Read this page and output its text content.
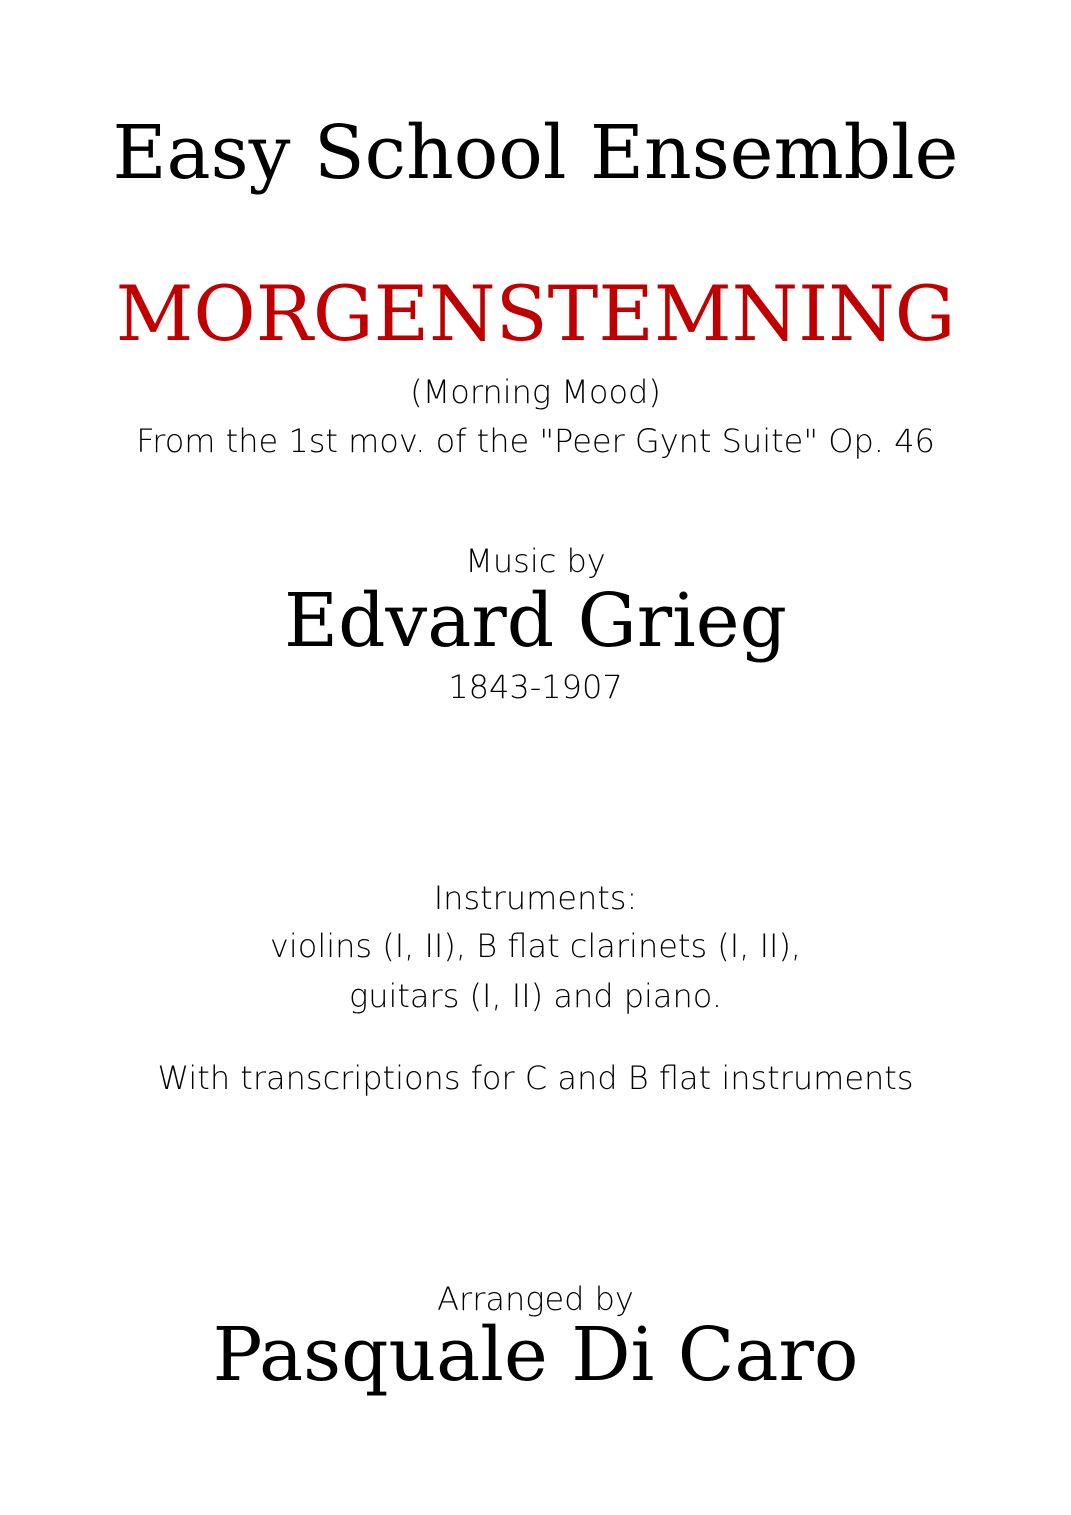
Easy School Ensemble
MORGENSTEMNING
(Morning Mood)
From the 1st mov. of the "Peer Gynt Suite" Op. 46
Music by
Edvard Grieg
1843-1907
Instruments:
violins (I, II), B flat clarinets (I, II),
guitars (I, II) and piano.
With transcriptions for C and B flat instruments
Arranged by
Pasquale Di Caro
